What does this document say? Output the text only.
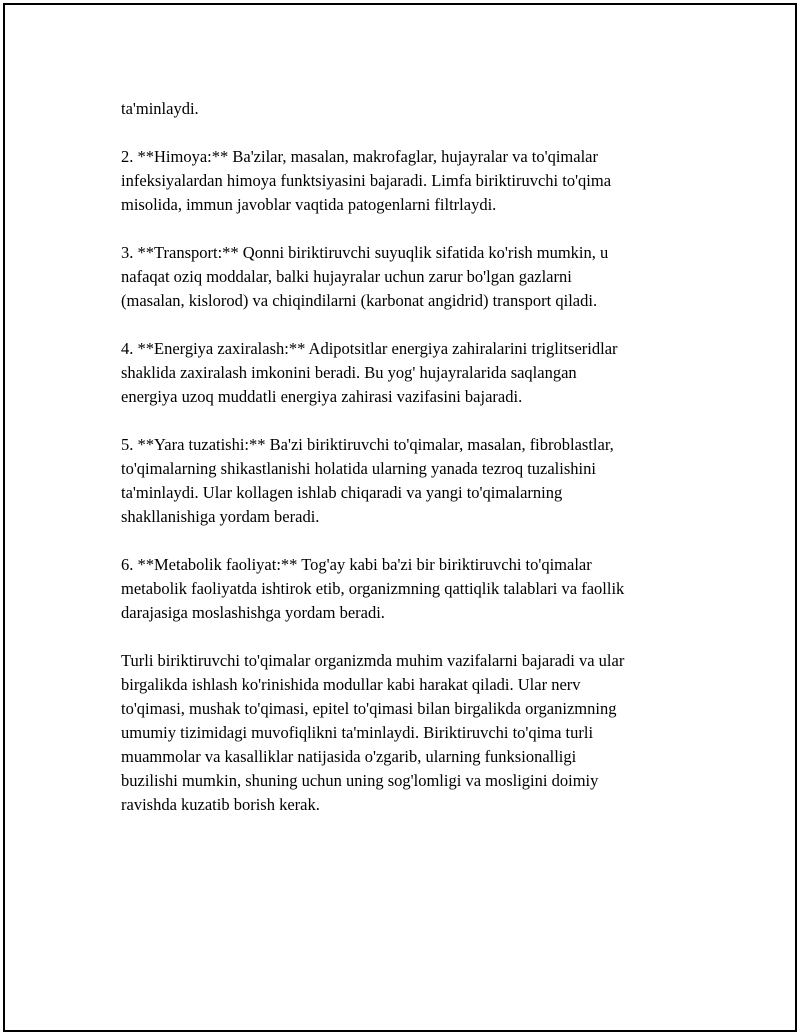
ta'minlaydi.

2. **Himoya:** Ba'zilar, masalan, makrofaglar, hujayralar va to'qimalar
infeksiyalardan himoya funktsiyasini bajaradi. Limfa biriktiruvchi to'qima
misolida, immun javoblar vaqtida patogenlarni filtrlaydi.

3. **Transport:** Qonni biriktiruvchi suyuqlik sifatida ko'rish mumkin, u
nafaqat oziq moddalar, balki hujayralar uchun zarur bo'lgan gazlarni
(masalan, kislorod) va chiqindilarni (karbonat angidrid) transport qiladi.

4. **Energiya zaxiralash:** Adipotsitlar energiya zahiralarini triglitseridlar
shaklida zaxiralash imkonini beradi. Bu yog' hujayralarida saqlangan
energiya uzoq muddatli energiya zahirasi vazifasini bajaradi.

5. **Yara tuzatishi:** Ba'zi biriktiruvchi to'qimalar, masalan, fibroblastlar,
to'qimalarning shikastlanishi holatida ularning yanada tezroq tuzalishini
ta'minlaydi. Ular kollagen ishlab chiqaradi va yangi to'qimalarning
shakllanishiga yordam beradi.

6. **Metabolik faoliyat:** Tog'ay kabi ba'zi bir biriktiruvchi to'qimalar
metabolik faoliyatda ishtirok etib, organizmning qattiqlik talablari va faollik
darajasiga moslashishga yordam beradi.

Turli biriktiruvchi to'qimalar organizmda muhim vazifalarni bajaradi va ular
birgalikda ishlash ko'rinishida modullar kabi harakat qiladi. Ular nerv
to'qimasi, mushak to'qimasi, epitel to'qimasi bilan birgalikda organizmning
umumiy tizimidagi muvofiqlikni ta'minlaydi. Biriktiruvchi to'qima turli
muammolar va kasalliklar natijasida o'zgarib, ularning funksionalligi
buzilishi mumkin, shuning uchun uning sog'lomligi va mosligini doimiy
ravishda kuzatib borish kerak.
